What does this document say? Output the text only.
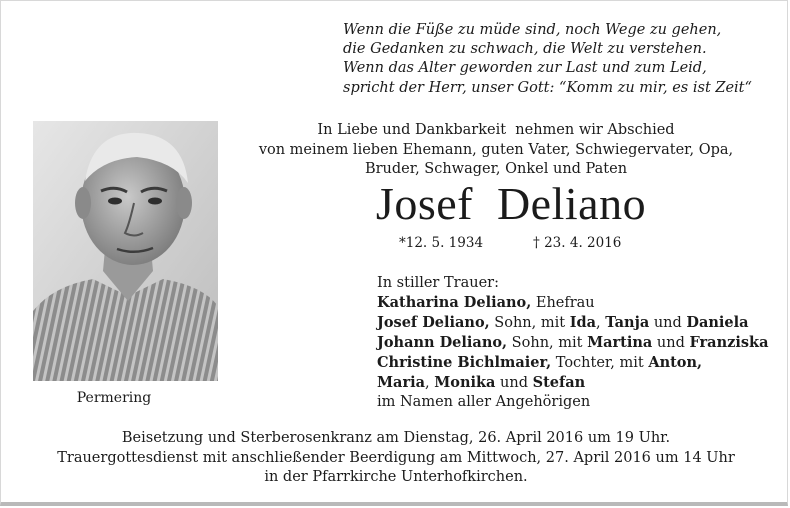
Wenn die Füße zu müde sind, noch Wege zu gehen,
die Gedanken zu schwach, die Welt zu verstehen.
Wenn das Alter geworden zur Last und zum Leid,
spricht der Herr, unser Gott: “Komm zu mir, es ist Zeit“
Permering
In Liebe und Dankbarkeit  nehmen wir Abschied
von meinem lieben Ehemann, guten Vater, Schwiegervater, Opa,
Bruder, Schwager, Onkel und Paten
Josef  Deliano
*12. 5. 1934	† 23. 4. 2016
In stiller Trauer:
Katharina Deliano, Ehefrau
Josef Deliano, Sohn, mit Ida, Tanja und Daniela
Johann Deliano, Sohn, mit Martina und Franziska
Christine Bichlmaier, Tochter, mit Anton,
Maria, Monika und Stefan
im Namen aller Angehörigen
Beisetzung und Sterberosenkranz am Dienstag, 26. April 2016 um 19 Uhr.
Trauergottesdienst mit anschließender Beerdigung am Mittwoch, 27. April 2016 um 14 Uhr
in der Pfarrkirche Unterhofkirchen.
